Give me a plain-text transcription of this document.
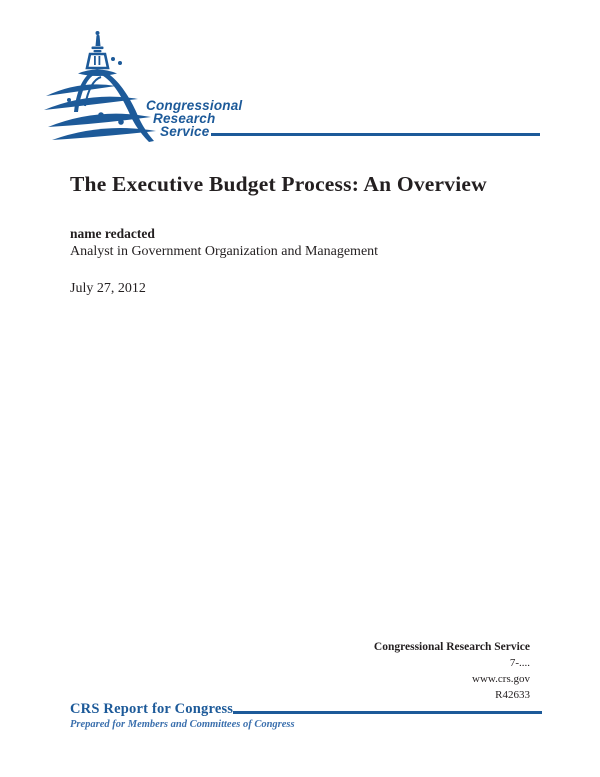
Congressional
Research
Service
The Executive Budget Process: An Overview
name redacted
Analyst in Government Organization and Management
July 27, 2012
Congressional Research Service
7-....
www.crs.gov
R42633
CRS Report for Congress
Prepared for Members and Committees of Congress
